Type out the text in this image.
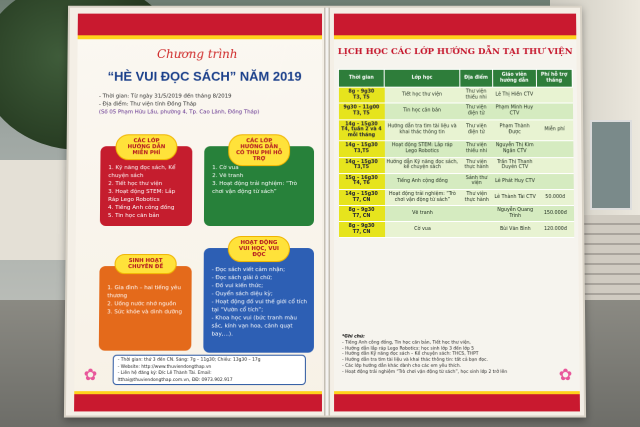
Chương trình
“HÈ VUI ĐỌC SÁCH” NĂM 2019
- Thời gian: Từ ngày 31/5/2019 đến tháng 8/2019
- Địa điểm: Thư viện tỉnh Đồng Tháp
(Số 05 Phạm Hữu Lầu, phường 4, Tp. Cao Lãnh, Đồng Tháp)
CÁC LỚP HƯỚNG DẪN MIỄN PHÍ
1. Kỹ năng đọc sách, Kể chuyện sách
2. Tiết học thư viện
3. Hoạt động STEM: Lắp Ráp Lego Robotics
4. Tiếng Anh công đồng
5. Tin học căn bản
CÁC LỚP HƯỚNG DẪN CÓ THU PHÍ HỖ TRỢ
1. Cờ vua
2. Vẽ tranh
3. Hoạt động trải nghiệm: “Trò chơi vận động từ sách”
SINH HOẠT CHUYÊN ĐỀ
1. Gia đình – hai tiếng yêu thương
2. Uống nước nhớ nguồn
3. Sức khỏe và dinh dưỡng
HOẠT ĐỘNG VUI HỌC, VUI ĐỌC
- Đọc sách viết cảm nhận;
- Đọc sách giải ô chữ;
- Đố vui kiến thức;
- Quyển sách diệu kỳ;
- Hoạt động đố vui thế giới cổ tích tại “Vườn cổ tích”;
- Khoa học vui (bức tranh màu sắc, kính vạn hoa, cánh quạt bay,...).
- Thời gian: thứ 3 đến CN. Sáng: 7g – 11g30; Chiều: 13g30 – 17g
- Website: http://www.thuviendongthap.vn
- Liên hệ đăng ký: Đ/c Lê Thành Tài. Email:
ltthai@thuviendongthap.com.vn, ĐĐ: 0973.902.917
✿
LỊCH HỌC CÁC LỚP HƯỚNG DẪN TẠI THƯ VIỆN
Thời gian	Lớp học	Địa điểm	Giáo viên hướng dẫn	Phí hỗ trợ tháng
8g – 9g30
T3, T5	Tiết học thư viện	Thư viện thiếu nhi	Lê Thị Hiền CTV	
9g30 – 11g00
T3, T5	Tin học căn bản	Thư viện điện tử	Phạm Minh Huy CTV	
14g – 15g30
T4, tuần 2 và 4 mỗi tháng	Hướng dẫn tra tìm tài liệu và khai thác thông tin	Thư viện điện tử	Phạm Thành Được	Miễn phí
14g – 15g30
T3,T5	Hoạt động STEM: Lắp ráp Lego Robotics	Thư viện thiếu nhi	Nguyễn Thị Kim Ngân CTV	
14g – 15g30
T3,T5	Hướng dẫn Kỹ năng đọc sách, kể chuyện sách	Thư viện thực hành	Trần Thị Thanh Duyên CTV	
15g – 16g30
T4, T6	Tiếng Anh cộng đồng	Sảnh thư viện	Lê Phát Huy CTV	
14g – 15g30
T7, CN	Hoạt động trải nghiệm: “Trò chơi vận động từ sách”	Thư viện thực hành	Lê Thành Tài CTV	50.000đ
8g – 9g30
T7, CN	Vẽ tranh		Nguyễn Quang Trình	150.000đ
8g – 9g30
T7, CN	Cờ vua		Bùi Văn Bình	120.000đ
*Ghi chú:
- Tiếng Anh công đồng, Tin học căn bản, Tiết học thư viện,
- Hướng dẫn lắp ráp Lego Robotics: học sinh lớp 3 đến lớp 5
- Hướng dẫn Kỹ năng đọc sách – Kể chuyện sách: THCS, THPT
- Hướng dẫn tra tìm tài liệu và khai thác thông tin: tất cả bạn đọc.
- Các lớp hướng dẫn khác dành cho các em yêu thích.
- Hoạt động trải nghiệm “Trò chơi vận động từ sách”, học sinh lớp 2 trở lên	✿
